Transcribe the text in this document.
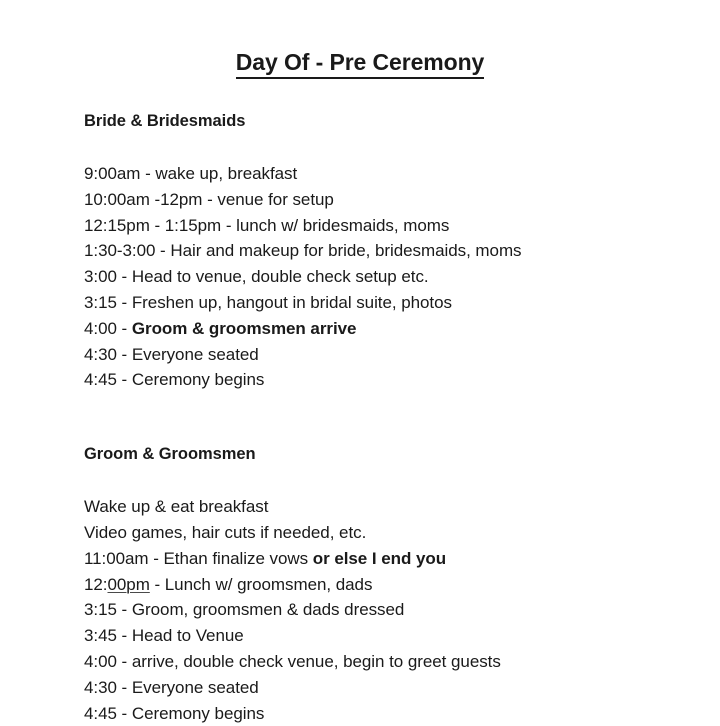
Day Of - Pre Ceremony
Bride & Bridesmaids
9:00am - wake up, breakfast
10:00am -12pm - venue for setup
12:15pm - 1:15pm - lunch w/ bridesmaids, moms
1:30-3:00 - Hair and makeup for bride, bridesmaids, moms
3:00 - Head to venue, double check setup etc.
3:15 - Freshen up, hangout in bridal suite, photos
4:00 - Groom & groomsmen arrive
4:30 - Everyone seated
4:45 - Ceremony begins
Groom & Groomsmen
Wake up & eat breakfast
Video games, hair cuts if needed, etc.
11:00am - Ethan finalize vows or else I end you
12:00pm - Lunch w/ groomsmen, dads
3:15 - Groom, groomsmen & dads dressed
3:45 - Head to Venue
4:00 - arrive, double check venue, begin to greet guests
4:30 - Everyone seated
4:45 - Ceremony begins
